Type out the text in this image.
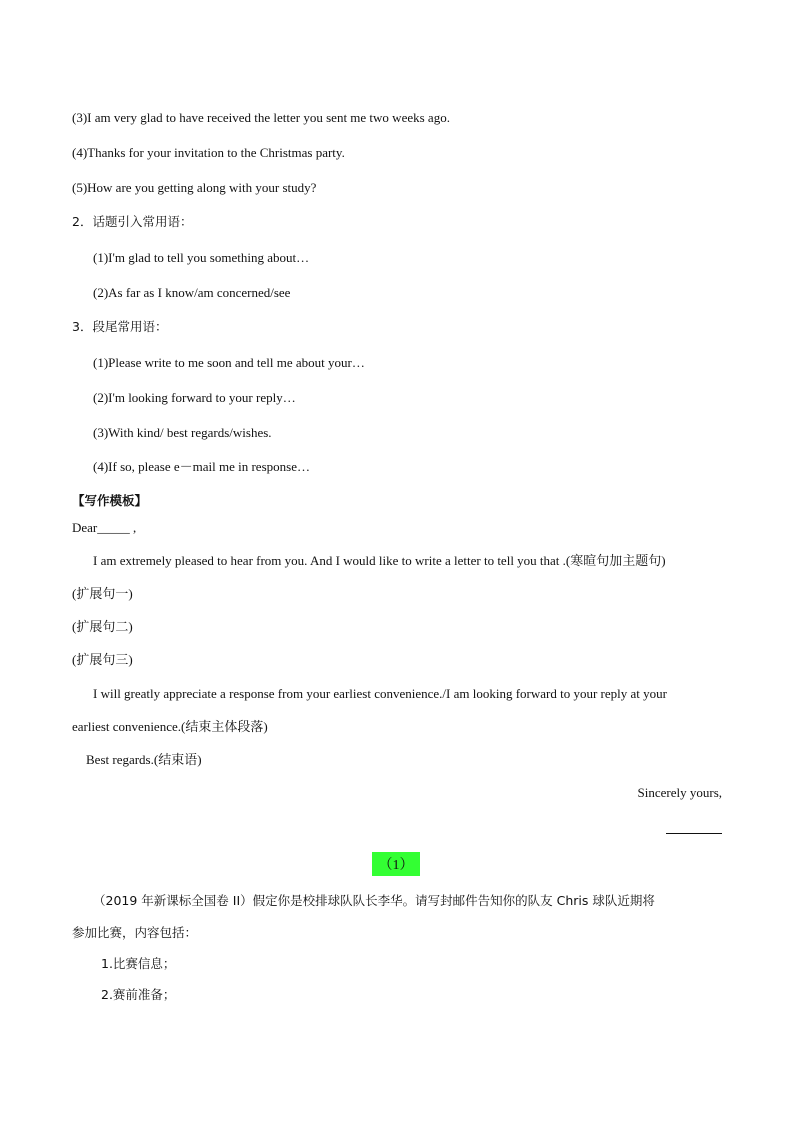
(3)I am very glad to have received the letter you sent me two weeks ago.
(4)Thanks for your invitation to the Christmas party.
(5)How are you getting along with your study?
2．话题引入常用语：
(1)I'm glad to tell you something about…
(2)As far as I know/am concerned/see
3．段尾常用语：
(1)Please write to me soon and tell me about your…
(2)I'm looking forward to your reply…
(3)With kind/ best regards/wishes.
(4)If so, please e－mail me in response…
【写作模板】
Dear_____ ,
I am extremely pleased to hear from you. And I would like to write a letter to tell you that .(寒暄句加主题句)
(扩展句一)
(扩展句二)
(扩展句三)
I will greatly appreciate a response from your earliest convenience./I am looking forward to your reply at your
earliest convenience.(结束主体段落)
Best regards.(结束语)
Sincerely yours,
（1）
（2019 年新课标全国卷 II）假定你是校排球队队长李华。请写封邮件告知你的队友 Chris 球队近期将
参加比赛，内容包括：
1.比赛信息；
2.赛前准备；
